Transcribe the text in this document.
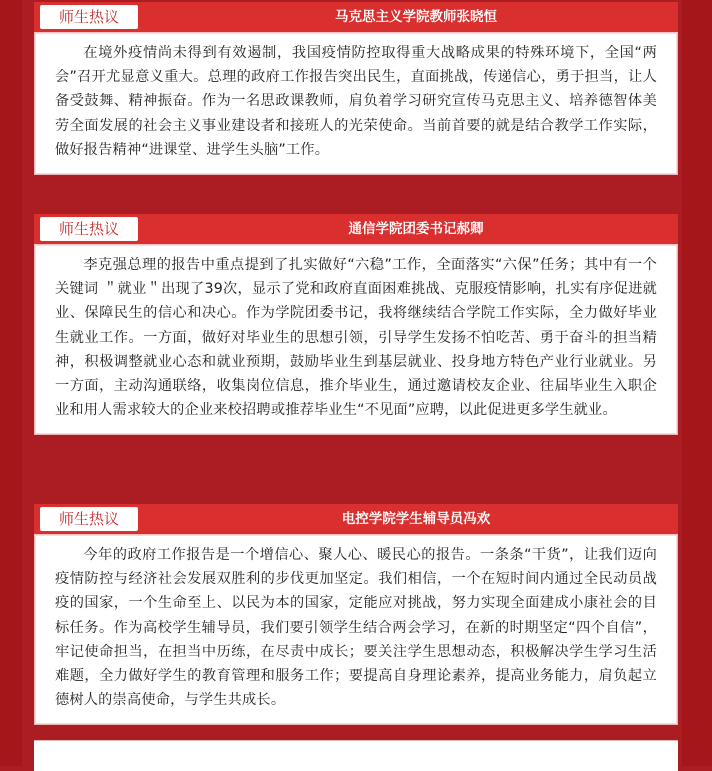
师生热议	马克思主义学院教师张晓恒
在境外疫情尚未得到有效遏制，我国疫情防控取得重大战略成果的特殊环境下，全国“两会”召开尤显意义重大。总理的政府工作报告突出民生，直面挑战，传递信心，勇于担当，让人备受鼓舞、精神振奋。作为一名思政课教师，肩负着学习研究宣传马克思主义、培养德智体美劳全面发展的社会主义事业建设者和接班人的光荣使命。当前首要的就是结合教学工作实际，做好报告精神“进课堂、进学生头脑”工作。
师生热议	通信学院团委书记郝卿
李克强总理的报告中重点提到了扎实做好“六稳”工作，全面落实“六保”任务；其中有一个关键词 ＂就业＂出现了39次，显示了党和政府直面困难挑战、克服疫情影响，扎实有序促进就业、保障民生的信心和决心。作为学院团委书记，我将继续结合学院工作实际，全力做好毕业生就业工作。一方面，做好对毕业生的思想引领，引导学生发扬不怕吃苦、勇于奋斗的担当精神，积极调整就业心态和就业预期，鼓励毕业生到基层就业、投身地方特色产业行业就业。另一方面，主动沟通联络，收集岗位信息，推介毕业生，通过邀请校友企业、往届毕业生入职企业和用人需求较大的企业来校招聘或推荐毕业生“不见面”应聘，以此促进更多学生就业。
师生热议	电控学院学生辅导员冯欢
今年的政府工作报告是一个增信心、聚人心、暖民心的报告。一条条“干货”，让我们迈向疫情防控与经济社会发展双胜利的步伐更加坚定。我们相信，一个在短时间内通过全民动员战疫的国家，一个生命至上、以民为本的国家，定能应对挑战，努力实现全面建成小康社会的目标任务。作为高校学生辅导员，我们要引领学生结合两会学习，在新的时期坚定“四个自信”，牢记使命担当，在担当中历练，在尽责中成长；要关注学生思想动态，积极解决学生学习生活难题，全力做好学生的教育管理和服务工作；要提高自身理论素养，提高业务能力，肩负起立德树人的崇高使命，与学生共成长。
